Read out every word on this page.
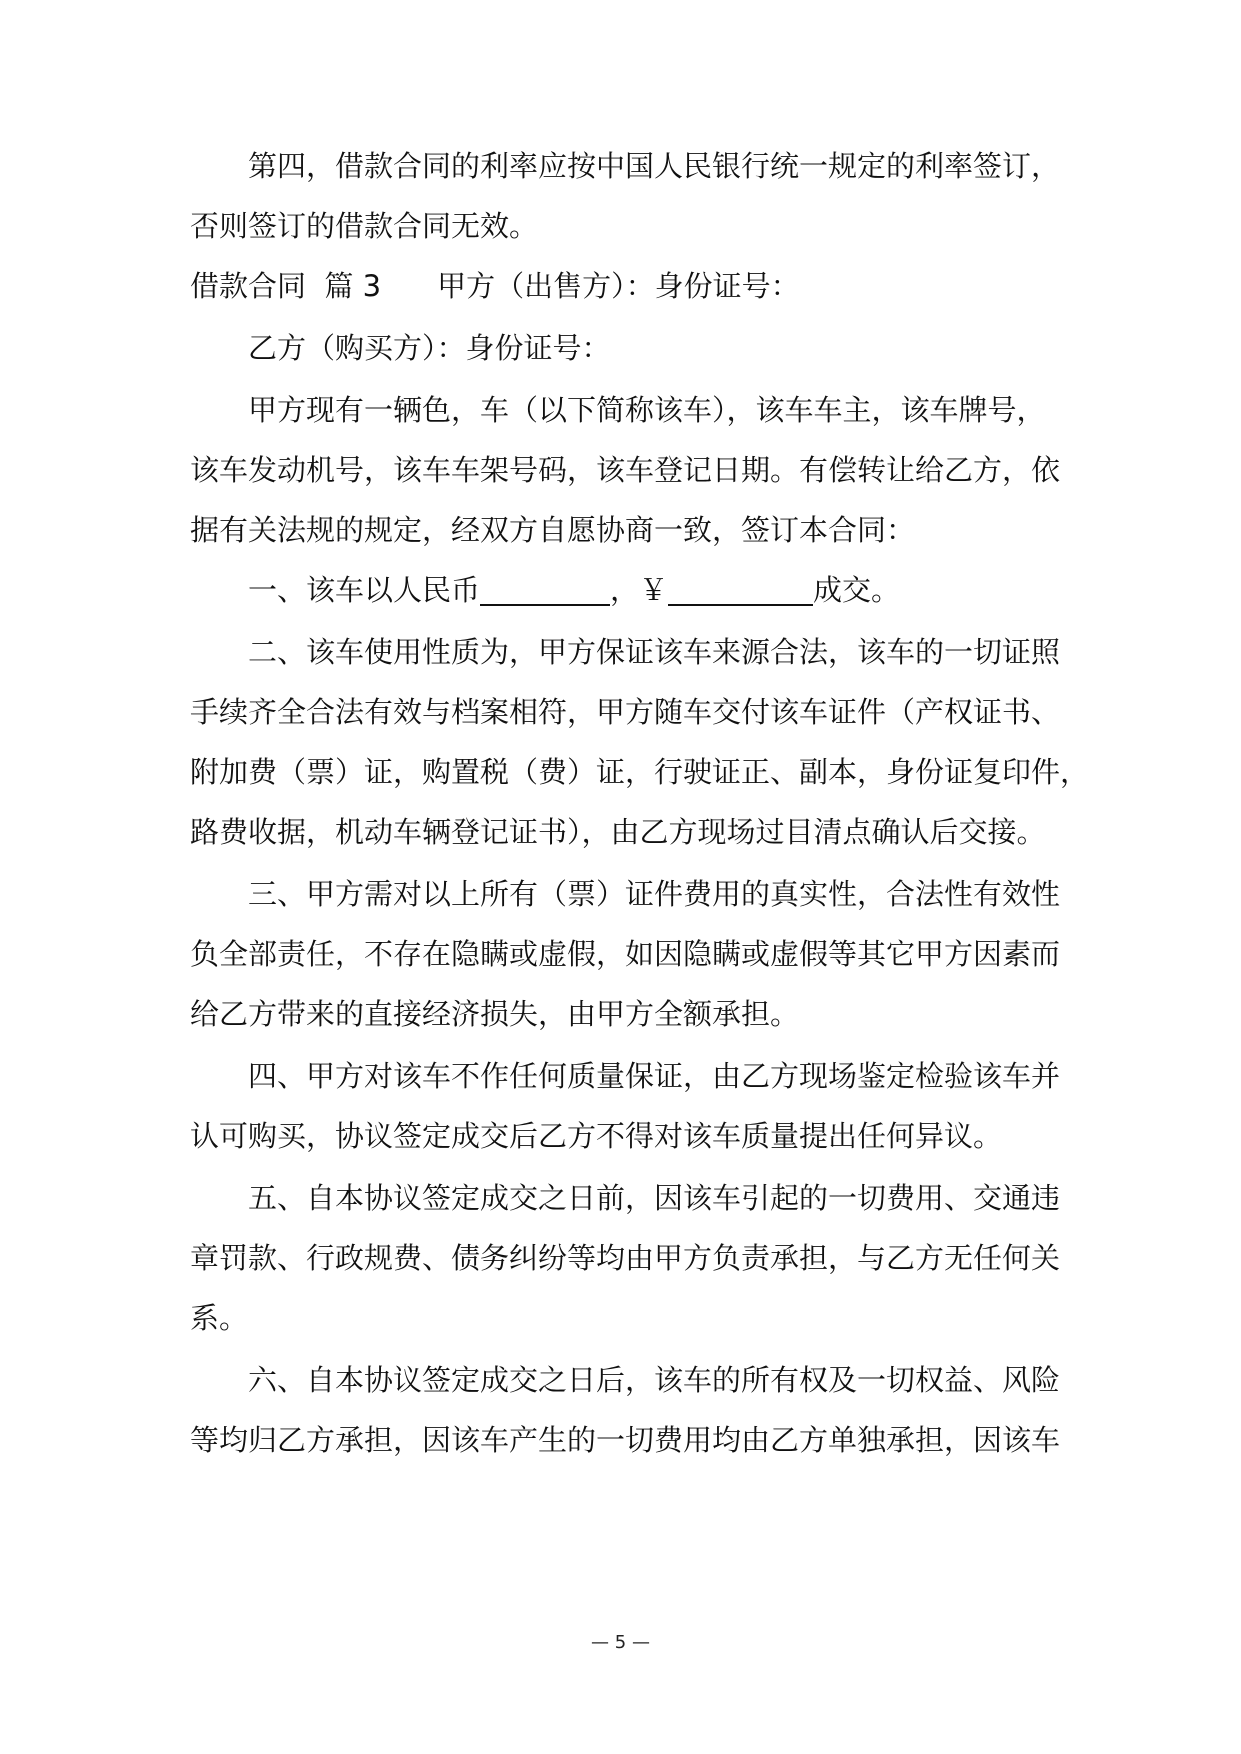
第四，借款合同的利率应按中国人民银行统一规定的利率签订，
否则签订的借款合同无效。
借款合同  篇 3 甲方（出售方）：身份证号：
乙方（购买方）：身份证号：
甲方现有一辆色，车（以下简称该车），该车车主，该车牌号，
该车发动机号，该车车架号码，该车登记日期。有偿转让给乙方，依
据有关法规的规定，经双方自愿协商一致，签订本合同：
一、该车以人民币	，￥	成交。
二、该车使用性质为，甲方保证该车来源合法，该车的一切证照
手续齐全合法有效与档案相符，甲方随车交付该车证件（产权证书、
附加费（票）证，购置税（费）证，行驶证正、副本，身份证复印件，
路费收据，机动车辆登记证书），由乙方现场过目清点确认后交接。
三、甲方需对以上所有（票）证件费用的真实性，合法性有效性
负全部责任，不存在隐瞒或虚假，如因隐瞒或虚假等其它甲方因素而
给乙方带来的直接经济损失，由甲方全额承担。
四、甲方对该车不作任何质量保证，由乙方现场鉴定检验该车并
认可购买，协议签定成交后乙方不得对该车质量提出任何异议。
五、自本协议签定成交之日前，因该车引起的一切费用、交通违
章罚款、行政规费、债务纠纷等均由甲方负责承担，与乙方无任何关
系。
六、自本协议签定成交之日后，该车的所有权及一切权益、风险
等均归乙方承担，因该车产生的一切费用均由乙方单独承担，因该车
— 5 —
